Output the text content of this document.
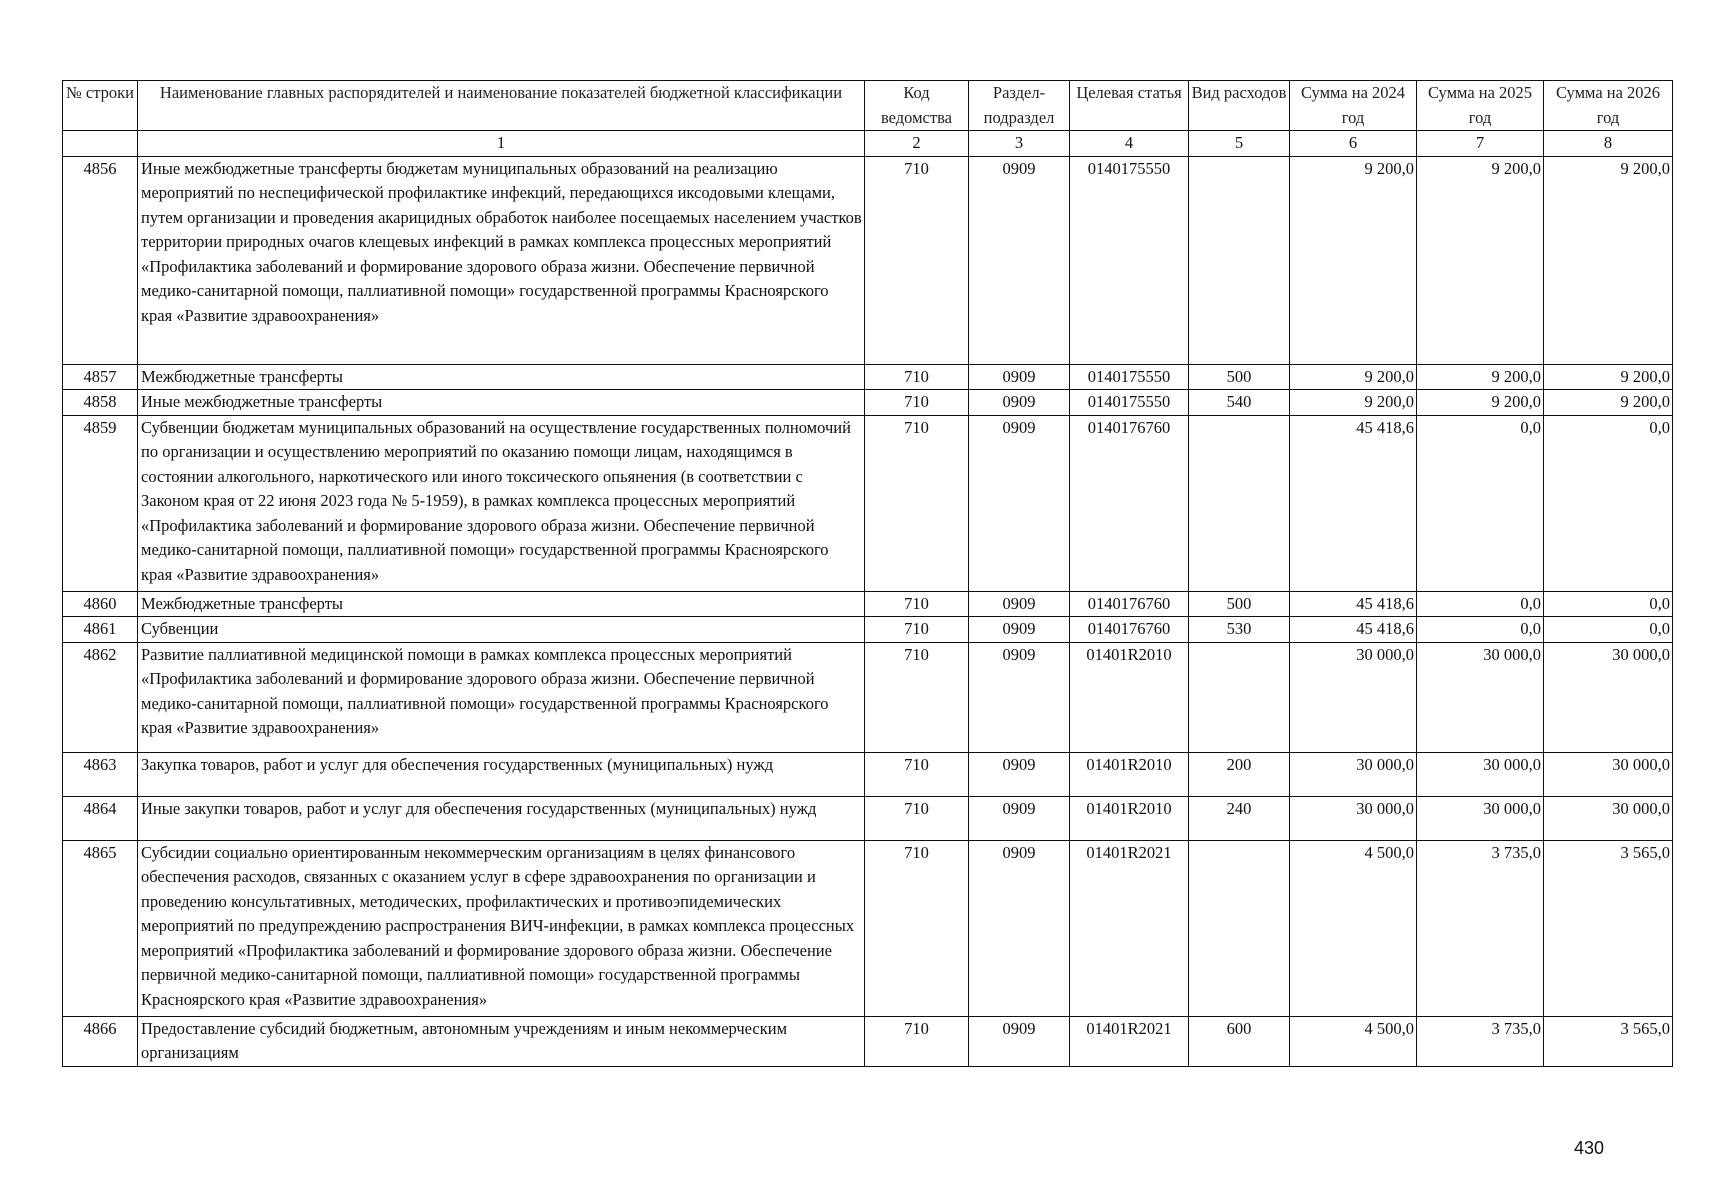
№ строки	Наименование главных распорядителей и наименование показателей бюджетной классификации	Код ведомства	Раздел-подраздел	Целевая статья	Вид расходов	Сумма на 2024 год	Сумма на 2025 год	Сумма на 2026 год
	1	2	3	4	5	6	7	8
4856	Иные межбюджетные трансферты бюджетам муниципальных образований на реализацию мероприятий по неспецифической профилактике инфекций, передающихся иксодовыми клещами, путем организации и проведения акарицидных обработок наиболее посещаемых населением участков территории природных очагов клещевых инфекций в рамках комплекса процессных мероприятий «Профилактика заболеваний и формирование здорового образа жизни. Обеспечение первичной медико-санитарной помощи, паллиативной помощи» государственной программы Красноярского края «Развитие здравоохранения»	710	0909	0140175550		9 200,0	9 200,0	9 200,0
4857	Межбюджетные трансферты	710	0909	0140175550	500	9 200,0	9 200,0	9 200,0
4858	Иные межбюджетные трансферты	710	0909	0140175550	540	9 200,0	9 200,0	9 200,0
4859	Субвенции бюджетам муниципальных образований на осуществление государственных полномочий по организации и осуществлению мероприятий по оказанию помощи лицам, находящимся в состоянии алкогольного, наркотического или иного токсического опьянения (в соответствии с Законом края от 22 июня 2023 года № 5-1959), в рамках комплекса процессных мероприятий «Профилактика заболеваний и формирование здорового образа жизни. Обеспечение первичной медико-санитарной помощи, паллиативной помощи» государственной программы Красноярского края «Развитие здравоохранения»	710	0909	0140176760		45 418,6	0,0	0,0
4860	Межбюджетные трансферты	710	0909	0140176760	500	45 418,6	0,0	0,0
4861	Субвенции	710	0909	0140176760	530	45 418,6	0,0	0,0
4862	Развитие паллиативной медицинской помощи в рамках комплекса процессных мероприятий «Профилактика заболеваний и формирование здорового образа жизни. Обеспечение первичной медико-санитарной помощи, паллиативной помощи» государственной программы Красноярского края «Развитие здравоохранения»	710	0909	01401R2010		30 000,0	30 000,0	30 000,0
4863	Закупка товаров, работ и услуг для обеспечения государственных (муниципальных) нужд	710	0909	01401R2010	200	30 000,0	30 000,0	30 000,0
4864	Иные закупки товаров, работ и услуг для обеспечения государственных (муниципальных) нужд	710	0909	01401R2010	240	30 000,0	30 000,0	30 000,0
4865	Субсидии социально ориентированным некоммерческим организациям в целях финансового обеспечения расходов, связанных с оказанием услуг в сфере здравоохранения по организации и проведению консультативных, методических, профилактических и противоэпидемических мероприятий по предупреждению распространения ВИЧ-инфекции, в рамках комплекса процессных мероприятий «Профилактика заболеваний и формирование здорового образа жизни. Обеспечение первичной медико-санитарной помощи, паллиативной помощи» государственной программы Красноярского края «Развитие здравоохранения»	710	0909	01401R2021		4 500,0	3 735,0	3 565,0
4866	Предоставление субсидий бюджетным, автономным учреждениям и иным некоммерческим организациям	710	0909	01401R2021	600	4 500,0	3 735,0	3 565,0
430
